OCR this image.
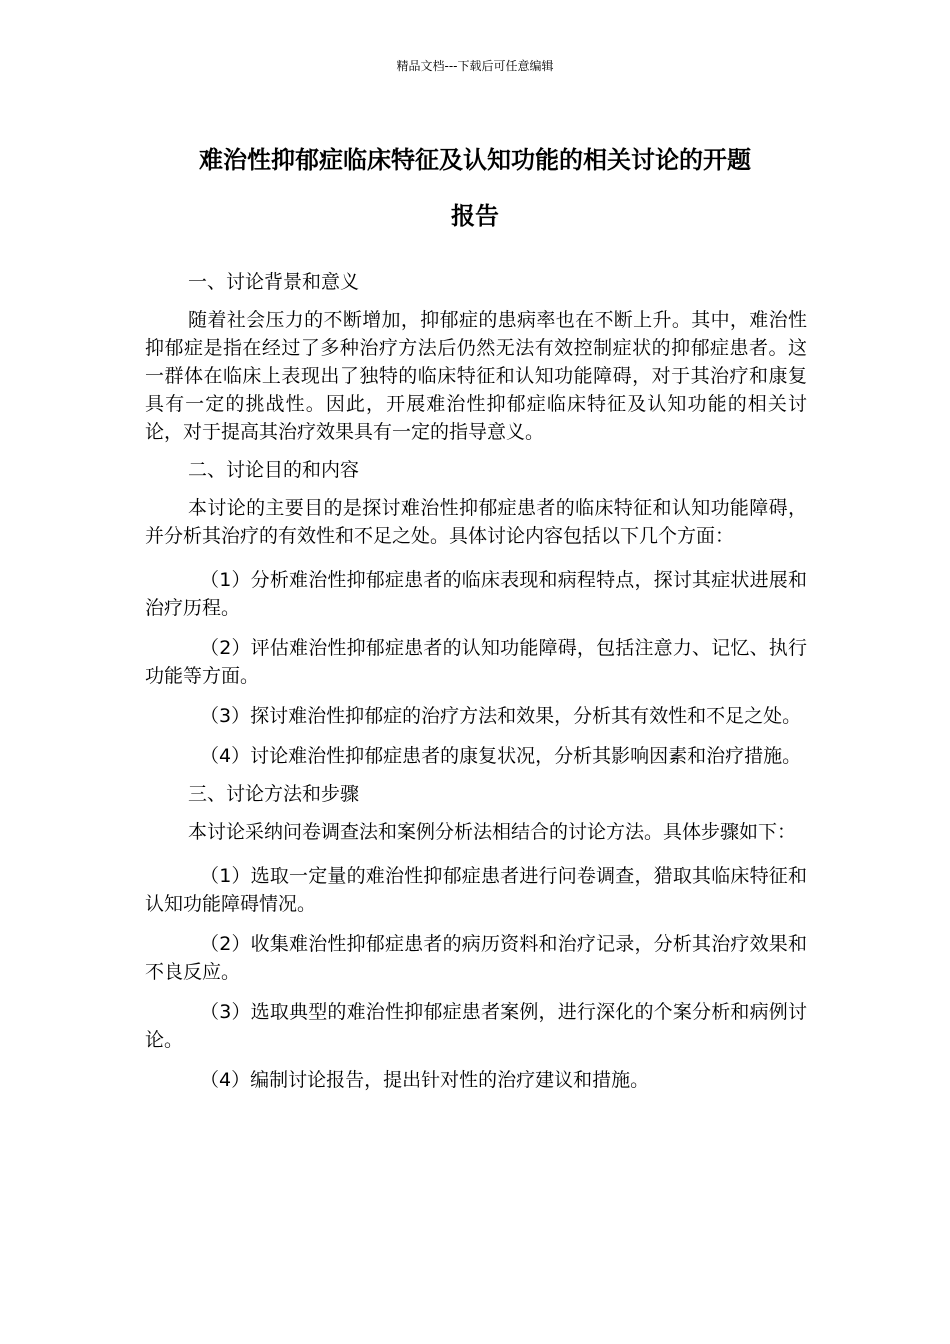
精品文档---下载后可任意编辑
难治性抑郁症临床特征及认知功能的相关讨论的开题
报告

一、讨论背景和意义

随着社会压力的不断增加，抑郁症的患病率也在不断上升。其中，难治性抑郁症是指在经过了多种治疗方法后仍然无法有效控制症状的抑郁症患者。这一群体在临床上表现出了独特的临床特征和认知功能障碍，对于其治疗和康复具有一定的挑战性。因此，开展难治性抑郁症临床特征及认知功能的相关讨论，对于提高其治疗效果具有一定的指导意义。

二、讨论目的和内容

本讨论的主要目的是探讨难治性抑郁症患者的临床特征和认知功能障碍，并分析其治疗的有效性和不足之处。具体讨论内容包括以下几个方面：

（1）分析难治性抑郁症患者的临床表现和病程特点，探讨其症状进展和治疗历程。

（2）评估难治性抑郁症患者的认知功能障碍，包括注意力、记忆、执行功能等方面。

（3）探讨难治性抑郁症的治疗方法和效果，分析其有效性和不足之处。

（4）讨论难治性抑郁症患者的康复状况，分析其影响因素和治疗措施。

三、讨论方法和步骤

本讨论采纳问卷调查法和案例分析法相结合的讨论方法。具体步骤如下：

（1）选取一定量的难治性抑郁症患者进行问卷调查，猎取其临床特征和认知功能障碍情况。

（2）收集难治性抑郁症患者的病历资料和治疗记录，分析其治疗效果和不良反应。

（3）选取典型的难治性抑郁症患者案例，进行深化的个案分析和病例讨论。

（4）编制讨论报告，提出针对性的治疗建议和措施。
